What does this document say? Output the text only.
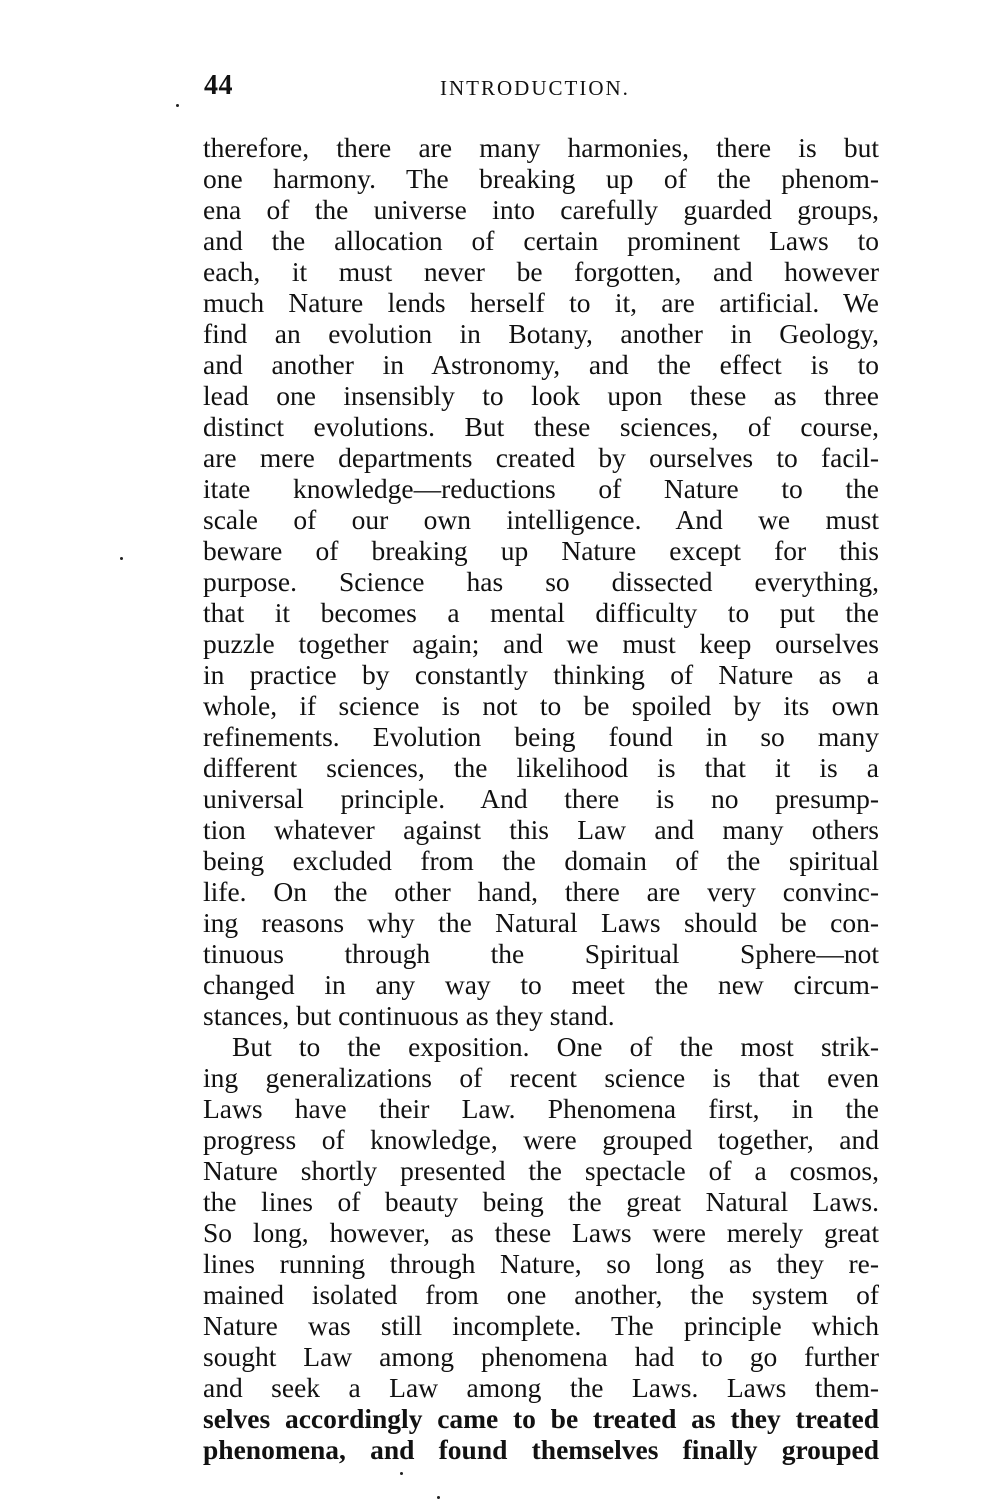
44	INTRODUCTION.
therefore, there are many harmonies, there is but
one harmony. The breaking up of the phenom-
ena of the universe into carefully guarded groups,
and the allocation of certain prominent Laws to
each, it must never be forgotten, and however
much Nature lends herself to it, are artificial. We
find an evolution in Botany, another in Geology,
and another in Astronomy, and the effect is to
lead one insensibly to look upon these as three
distinct evolutions. But these sciences, of course,
are mere departments created by ourselves to facil-
itate knowledge—reductions of Nature to the
scale of our own intelligence. And we must
beware of breaking up Nature except for this
purpose. Science has so dissected everything,
that it becomes a mental difficulty to put the
puzzle together again; and we must keep ourselves
in practice by constantly thinking of Nature as a
whole, if science is not to be spoiled by its own
refinements. Evolution being found in so many
different sciences, the likelihood is that it is a
universal principle. And there is no presump-
tion whatever against this Law and many others
being excluded from the domain of the spiritual
life. On the other hand, there are very convinc-
ing reasons why the Natural Laws should be con-
tinuous through the Spiritual Sphere—not
changed in any way to meet the new circum-
stances, but continuous as they stand.
But to the exposition. One of the most strik-
ing generalizations of recent science is that even
Laws have their Law. Phenomena first, in the
progress of knowledge, were grouped together, and
Nature shortly presented the spectacle of a cosmos,
the lines of beauty being the great Natural Laws.
So long, however, as these Laws were merely great
lines running through Nature, so long as they re-
mained isolated from one another, the system of
Nature was still incomplete. The principle which
sought Law among phenomena had to go further
and seek a Law among the Laws. Laws them-
selves accordingly came to be treated as they treated
phenomena, and found themselves finally grouped
